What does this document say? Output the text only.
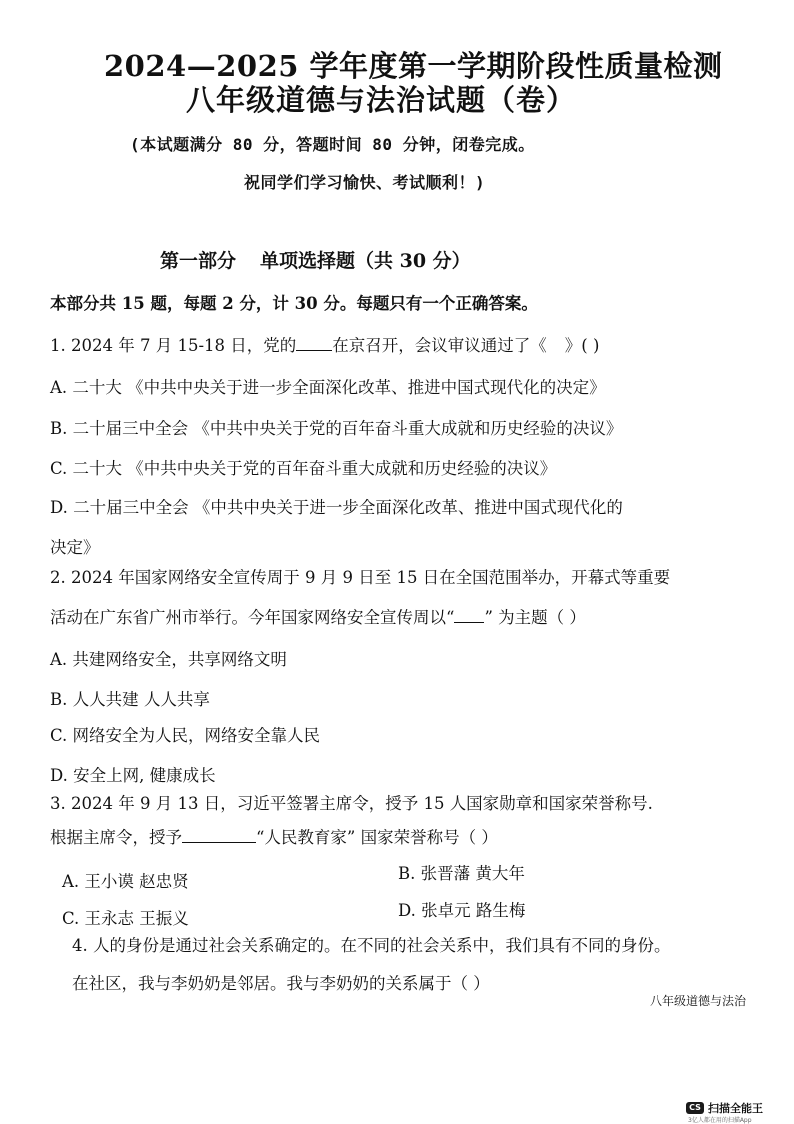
2024—2025 学年度第一学期阶段性质量检测
八年级道德与法治试题（卷）
(本试题满分 80 分，答题时间 80 分钟，闭卷完成。
祝同学们学习愉快、考试顺利！)
第一部分 单项选择题（共 30 分）
本部分共 15 题，每题 2 分，计 30 分。每题只有一个正确答案。
1. 2024 年 7 月 15-18 日，党的 在京召开，会议审议通过了《 》( )
A. 二十大 《中共中央关于进一步全面深化改革、推进中国式现代化的决定》
B. 二十届三中全会 《中共中央关于党的百年奋斗重大成就和历史经验的决议》
C. 二十大 《中共中央关于党的百年奋斗重大成就和历史经验的决议》
D. 二十届三中全会 《中共中央关于进一步全面深化改革、推进中国式现代化的
决定》
2. 2024 年国家网络安全宣传周于 9 月 9 日至 15 日在全国范围举办，开幕式等重要
活动在广东省广州市举行。今年国家网络安全宣传周以“ ” 为主题（ ）
A. 共建网络安全，共享网络文明
B. 人人共建 人人共享
C. 网络安全为人民，网络安全靠人民
D. 安全上网, 健康成长
3. 2024 年 9 月 13 日，习近平签署主席令，授予 15 人国家勋章和国家荣誉称号.
根据主席令，授予	“人民教育家” 国家荣誉称号（ ）
A. 王小谟 赵忠贤	B. 张晋藩 黄大年
C. 王永志 王振义	D. 张卓元 路生梅
4. 人的身份是通过社会关系确定的。在不同的社会关系中，我们具有不同的身份。
在社区，我与李奶奶是邻居。我与李奶奶的关系属于（ ）
八年级道德与法治
CS 扫描全能王
3亿人都在用的扫描App
